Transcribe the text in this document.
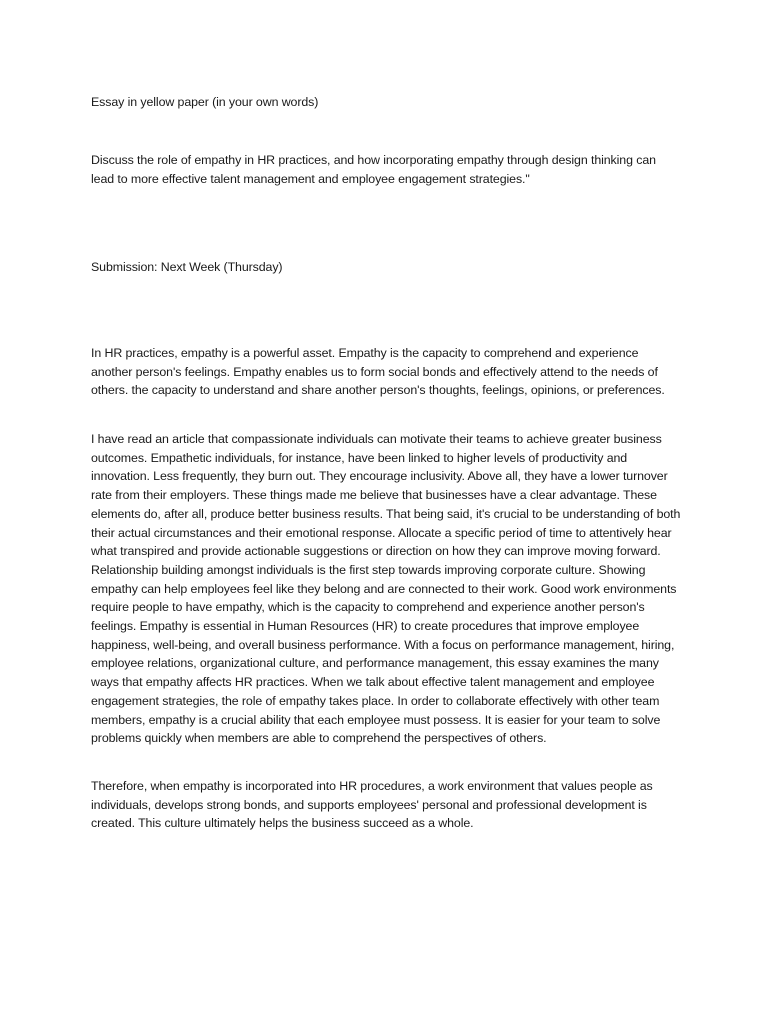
Essay in yellow paper (in your own words)

Discuss the role of empathy in HR practices, and how incorporating empathy through design thinking can lead to more effective talent management and employee engagement strategies."

Submission: Next Week (Thursday)

In HR practices, empathy is a powerful asset. Empathy is the capacity to comprehend and experience another person's feelings. Empathy enables us to form social bonds and effectively attend to the needs of others. the capacity to understand and share another person's thoughts, feelings, opinions, or preferences.

I have read an article that compassionate individuals can motivate their teams to achieve greater business outcomes. Empathetic individuals, for instance, have been linked to higher levels of productivity and innovation. Less frequently, they burn out. They encourage inclusivity. Above all, they have a lower turnover rate from their employers. These things made me believe that businesses have a clear advantage. These elements do, after all, produce better business results. That being said, it's crucial to be understanding of both their actual circumstances and their emotional response. Allocate a specific period of time to attentively hear what transpired and provide actionable suggestions or direction on how they can improve moving forward. Relationship building amongst individuals is the first step towards improving corporate culture. Showing empathy can help employees feel like they belong and are connected to their work. Good work environments require people to have empathy, which is the capacity to comprehend and experience another person's feelings. Empathy is essential in Human Resources (HR) to create procedures that improve employee happiness, well-being, and overall business performance. With a focus on performance management, hiring, employee relations, organizational culture, and performance management, this essay examines the many ways that empathy affects HR practices. When we talk about effective talent management and employee engagement strategies, the role of empathy takes place. In order to collaborate effectively with other team members, empathy is a crucial ability that each employee must possess. It is easier for your team to solve problems quickly when members are able to comprehend the perspectives of others.

Therefore, when empathy is incorporated into HR procedures, a work environment that values people as individuals, develops strong bonds, and supports employees' personal and professional development is created. This culture ultimately helps the business succeed as a whole.
